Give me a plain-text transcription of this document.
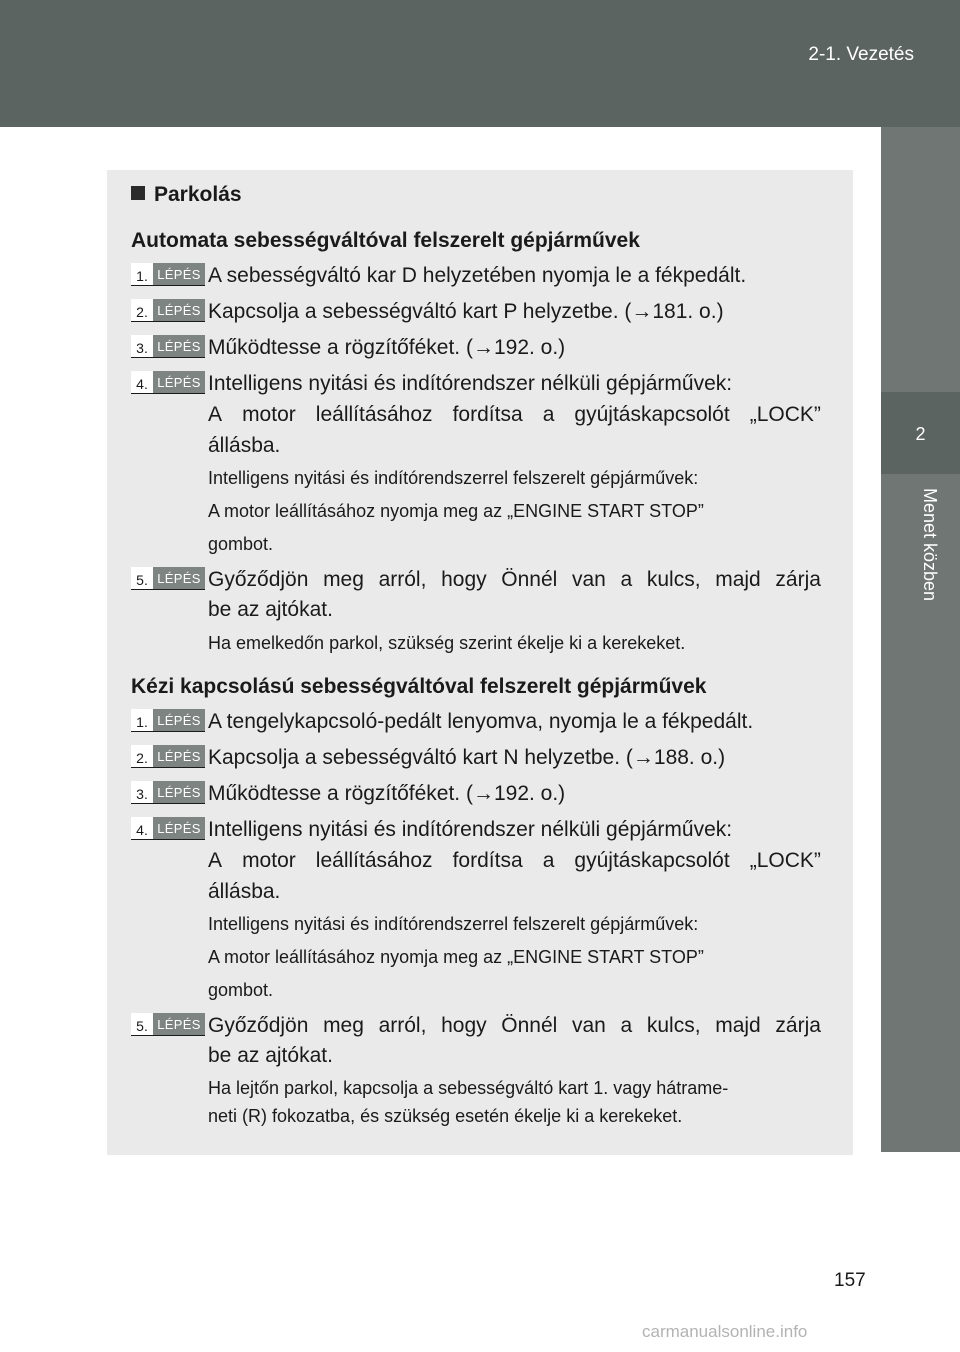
2-1. Vezetés
2
Menet közben
Parkolás
Automata sebességváltóval felszerelt gépjárművek
1. LÉPÉS A sebességváltó kar D helyzetében nyomja le a fékpedált.
2. LÉPÉS Kapcsolja a sebességváltó kart P helyzetbe. (→181. o.)
3. LÉPÉS Működtesse a rögzítőféket. (→192. o.)
4. LÉPÉS Intelligens nyitási és indítórendszer nélküli gépjárművek:
A motor leállításához fordítsa a gyújtáskapcsolót „LOCK”
állásba.
Intelligens nyitási és indítórendszerrel felszerelt gépjárművek:
A motor leállításához nyomja meg az „ENGINE START STOP”
gombot.
5. LÉPÉS Győződjön meg arról, hogy Önnél van a kulcs, majd zárja
be az ajtókat.
Ha emelkedőn parkol, szükség szerint ékelje ki a kerekeket.
Kézi kapcsolású sebességváltóval felszerelt gépjárművek
1. LÉPÉS A tengelykapcsoló-pedált lenyomva, nyomja le a fékpedált.
2. LÉPÉS Kapcsolja a sebességváltó kart N helyzetbe. (→188. o.)
3. LÉPÉS Működtesse a rögzítőféket. (→192. o.)
4. LÉPÉS Intelligens nyitási és indítórendszer nélküli gépjárművek:
A motor leállításához fordítsa a gyújtáskapcsolót „LOCK”
állásba.
Intelligens nyitási és indítórendszerrel felszerelt gépjárművek:
A motor leállításához nyomja meg az „ENGINE START STOP”
gombot.
5. LÉPÉS Győződjön meg arról, hogy Önnél van a kulcs, majd zárja
be az ajtókat.
Ha lejtőn parkol, kapcsolja a sebességváltó kart 1. vagy hátrame-
neti (R) fokozatba, és szükség esetén ékelje ki a kerekeket.
157
carmanualsonline.info
